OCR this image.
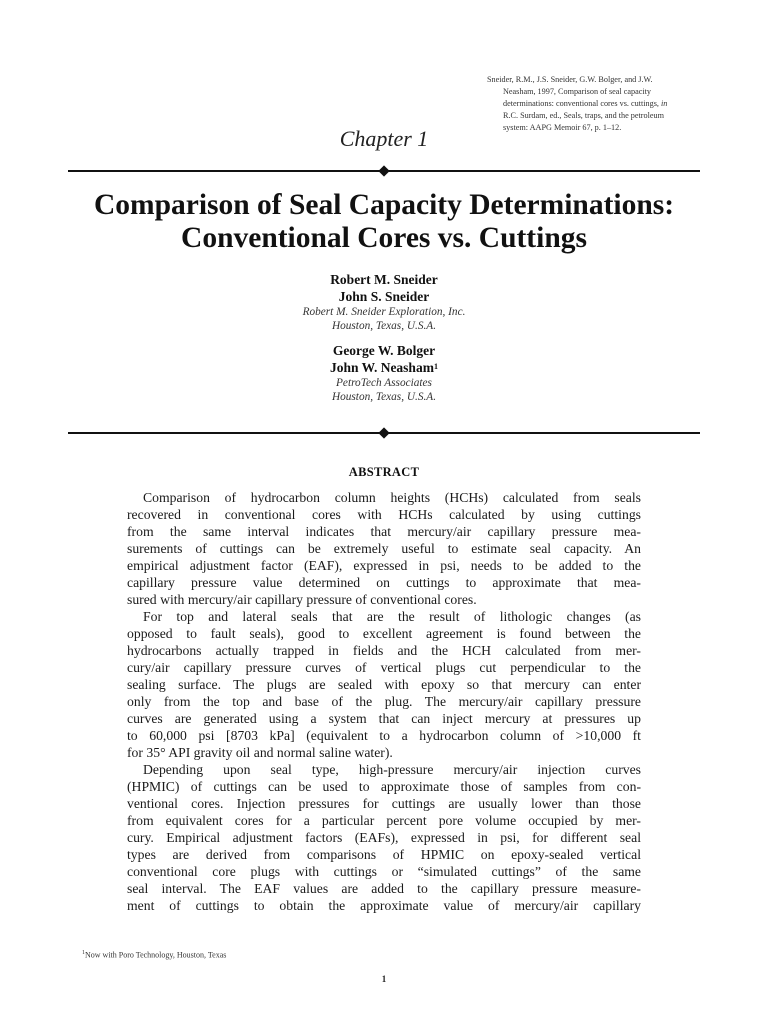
Sneider, R.M., J.S. Sneider, G.W. Bolger, and J.W.
Neasham, 1997, Comparison of seal capacity
determinations: conventional cores vs. cuttings, in
R.C. Surdam, ed., Seals, traps, and the petroleum
system: AAPG Memoir 67, p. 1–12.
Chapter 1
Comparison of Seal Capacity Determinations:
Conventional Cores vs. Cuttings
Robert M. Sneider
John S. Sneider
Robert M. Sneider Exploration, Inc.
Houston, Texas, U.S.A.
George W. Bolger
John W. Neasham$^1$
PetroTech Associates
Houston, Texas, U.S.A.
ABSTRACT
Comparison of hydrocarbon column heights (HCHs) calculated from seals
recovered in conventional cores with HCHs calculated by using cuttings
from the same interval indicates that mercury/air capillary pressure mea-
surements of cuttings can be extremely useful to estimate seal capacity. An
empirical adjustment factor (EAF), expressed in psi, needs to be added to the
capillary pressure value determined on cuttings to approximate that mea-
sured with mercury/air capillary pressure of conventional cores.
For top and lateral seals that are the result of lithologic changes (as
opposed to fault seals), good to excellent agreement is found between the
hydrocarbons actually trapped in fields and the HCH calculated from mer-
cury/air capillary pressure curves of vertical plugs cut perpendicular to the
sealing surface. The plugs are sealed with epoxy so that mercury can enter
only from the top and base of the plug. The mercury/air capillary pressure
curves are generated using a system that can inject mercury at pressures up
to 60,000 psi [8703 kPa] (equivalent to a hydrocarbon column of >10,000 ft
for 35° API gravity oil and normal saline water).
Depending upon seal type, high-pressure mercury/air injection curves
(HPMIC) of cuttings can be used to approximate those of samples from con-
ventional cores. Injection pressures for cuttings are usually lower than those
from equivalent cores for a particular percent pore volume occupied by mer-
cury. Empirical adjustment factors (EAFs), expressed in psi, for different seal
types are derived from comparisons of HPMIC on epoxy-sealed vertical
conventional core plugs with cuttings or “simulated cuttings” of the same
seal interval. The EAF values are added to the capillary pressure measure-
ment of cuttings to obtain the approximate value of mercury/air capillary
$^1$Now with Poro Technology, Houston, Texas
1
